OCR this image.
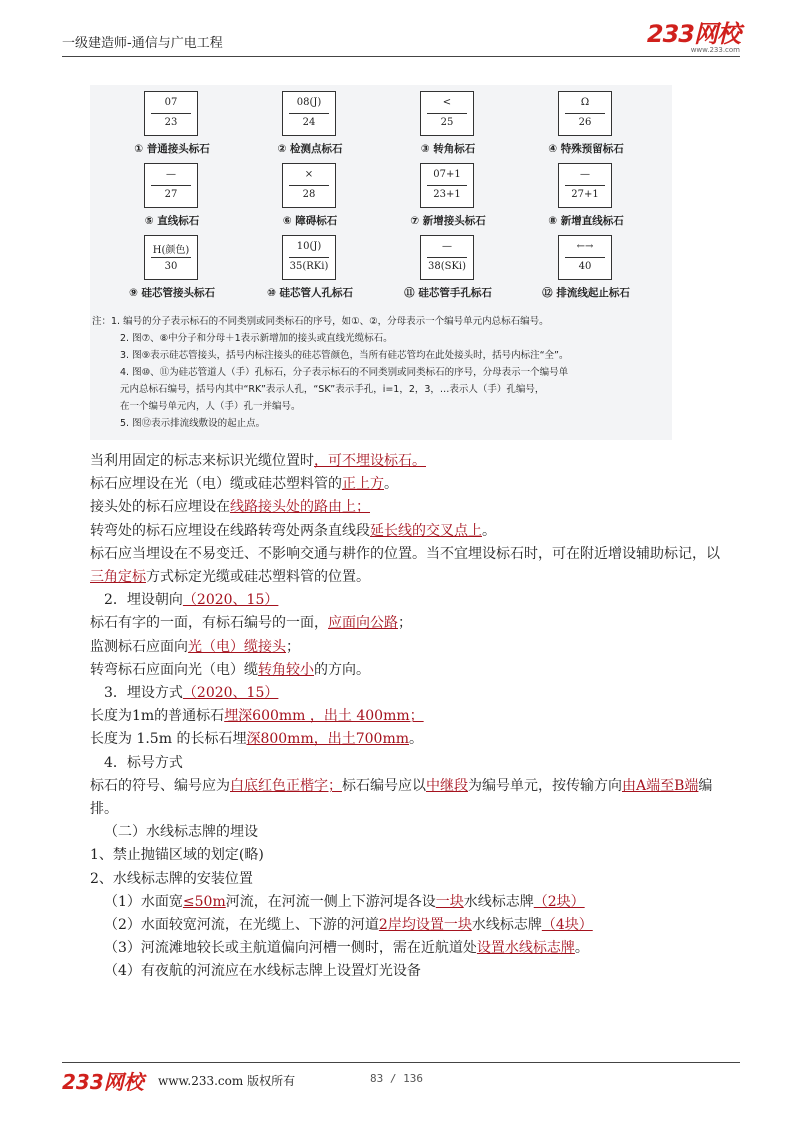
一级建造师-通信与广电工程	233网校
www.233.com
07
23
① 普通接头标石
08(J)
24
② 检测点标石
<
25
③ 转角标石
Ω
26
④ 特殊预留标石
—
27
⑤ 直线标石
×
28
⑥ 障碍标石
07+1
23+1
⑦ 新增接头标石
—
27+1
⑧ 新增直线标石
H(颜色)
30
⑨ 硅芯管接头标石
10(J)
35(RKi)
⑩ 硅芯管人孔标石
—
38(SKi)
⑪ 硅芯管手孔标石
←→
40
⑫ 排流线起止标石
注：1. 编号的分子表示标石的不同类别或同类标石的序号，如①、②，分母表示一个编号单元内总标石编号。
2. 图⑦、⑧中分子和分母＋1表示新增加的接头或直线光缆标石。
3. 图⑨表示硅芯管接头，括号内标注接头的硅芯管颜色，当所有硅芯管均在此处接头时，括号内标注“全”。
4. 图⑩、⑪为硅芯管道人（手）孔标石，分子表示标石的不同类别或同类标石的序号，分母表示一个编号单
元内总标石编号，括号内其中“RK”表示人孔，“SK”表示手孔，i=1，2，3，…表示人（手）孔编号，
在一个编号单元内，人（手）孔一并编号。
5. 图⑫表示排流线敷设的起止点。
当利用固定的标志来标识光缆位置时，可不埋设标石。
标石应埋设在光（电）缆或硅芯塑料管的正上方。
接头处的标石应埋设在线路接头处的路由上；
转弯处的标石应埋设在线路转弯处两条直线段延长线的交叉点上。
标石应当埋设在不易变迁、不影响交通与耕作的位置。当不宜埋设标石时，可在附近增设辅助标记，以三角定标方式标定光缆或硅芯塑料管的位置。
2．埋设朝向（2020、15）
标石有字的一面，有标石编号的一面，应面向公路；
监测标石应面向光（电）缆接头；
转弯标石应面向光（电）缆转角较小的方向。
3．埋设方式（2020、15）
长度为1m的普通标石埋深600mm ，出土 400mm；
长度为 1.5m 的长标石埋深800mm，出土700mm。
4．标号方式
标石的符号、编号应为白底红色正楷字；标石编号应以中继段为编号单元，按传输方向由A端至B端编排。
（二）水线标志牌的埋设
1、禁止抛锚区域的划定(略)
2、水线标志牌的安装位置
（1）水面宽≤50m河流，在河流一侧上下游河堤各设一块水线标志牌（2块）
（2）水面较宽河流，在光缆上、下游的河道2岸均设置一块水线标志牌（4块）
（3）河流滩地较长或主航道偏向河槽一侧时，需在近航道处设置水线标志牌。
（4）有夜航的河流应在水线标志牌上设置灯光设备
233网校 www.233.com 版权所有	83 / 136
